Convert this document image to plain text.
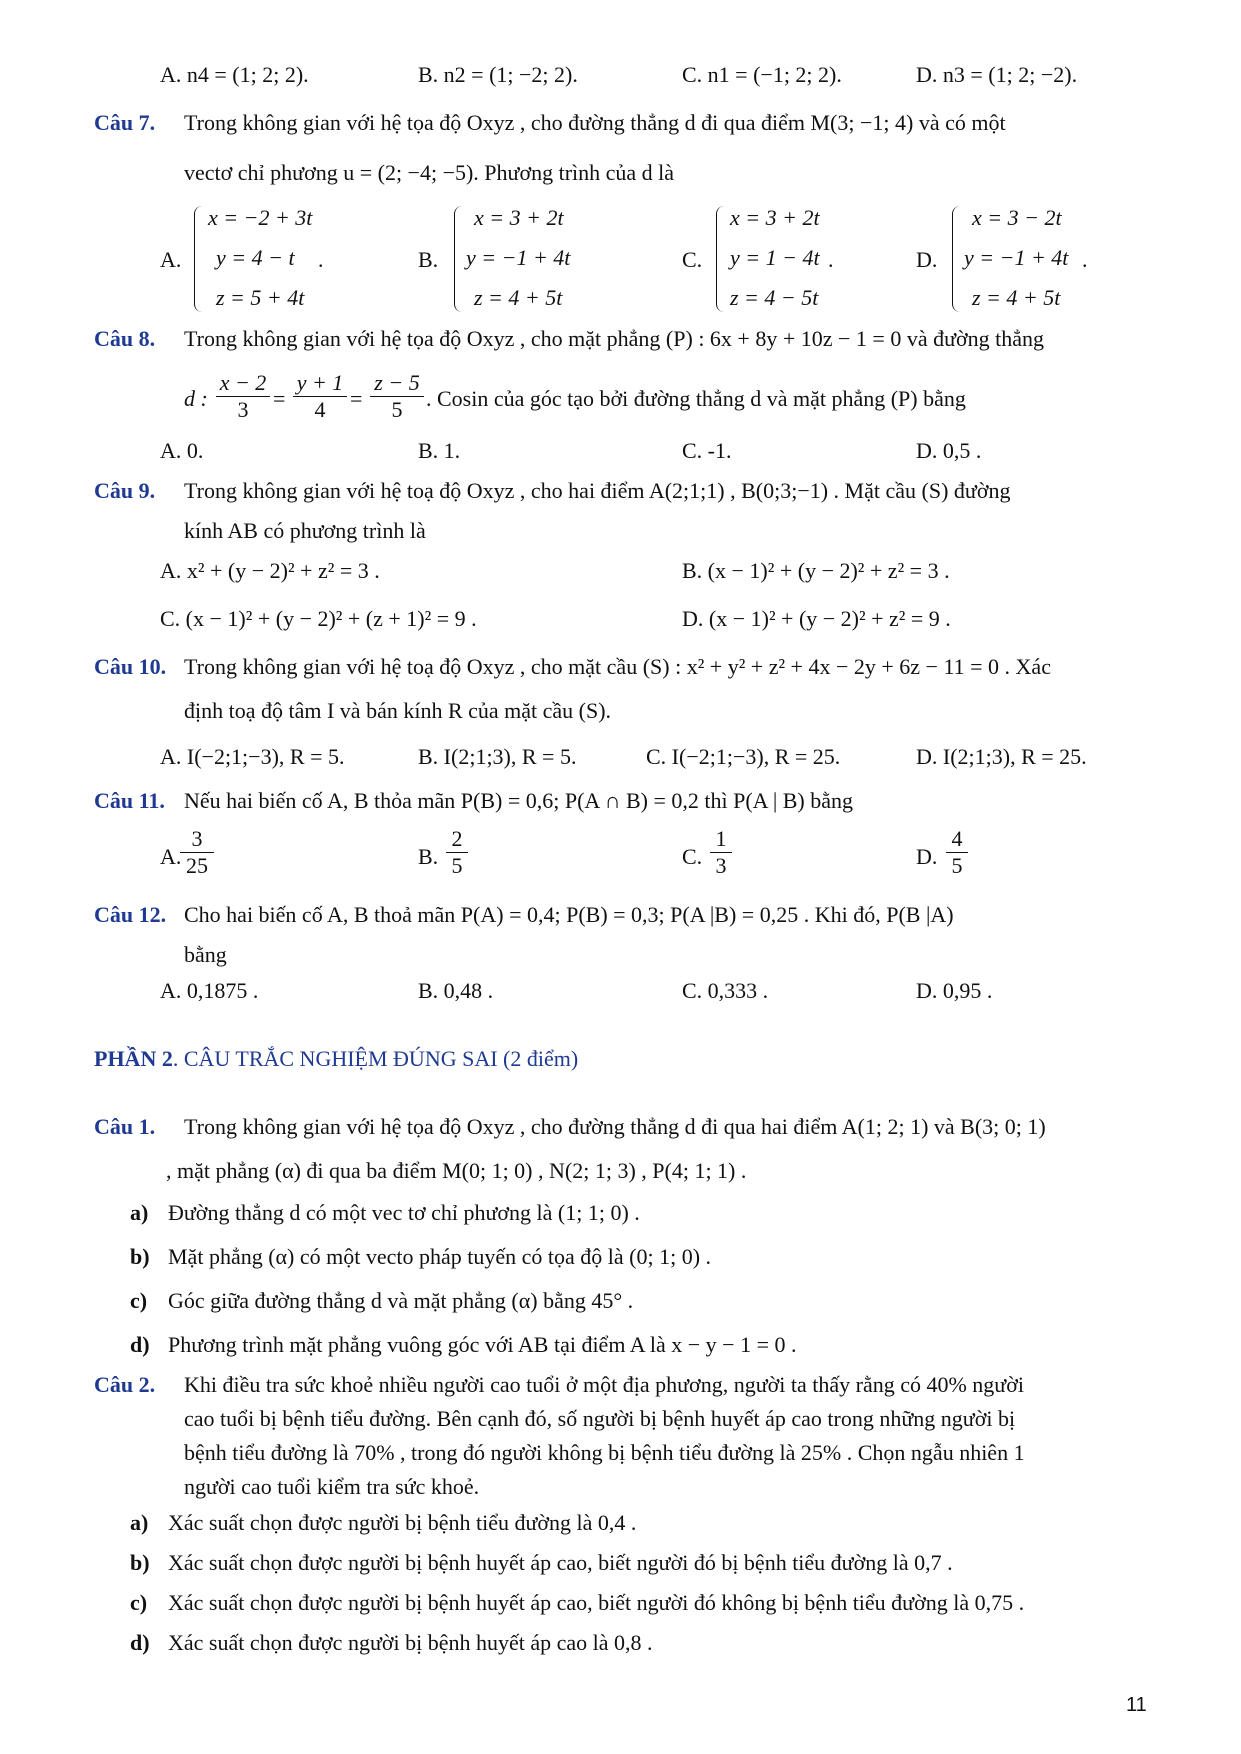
A. n4 = (1; 2; 2).	B. n2 = (1; −2; 2).	C. n1 = (−1; 2; 2).	D. n3 = (1; 2; −2).
Câu 7. Trong không gian với hệ tọa độ Oxyz , cho đường thẳng d đi qua điểm M(3; −1; 4) và có một
vectơ chỉ phương u = (2; −4; −5). Phương trình của d là
A.
x = −2 + 3t
y = 4 − t
z = 5 + 4t
.	B.
x = 3 + 2t
y = −1 + 4t
z = 4 + 5t
C.
x = 3 + 2t
y = 1 − 4t
z = 4 − 5t
.	D.
x = 3 − 2t
y = −1 + 4t
z = 4 + 5t
.
Câu 8. Trong không gian với hệ tọa độ Oxyz , cho mặt phẳng (P) : 6x + 8y + 10z − 1 = 0 và đường thẳng
d : $\frac{x - 2}{3} = \frac{y + 1}{4} = \frac{z - 5}{5}$ . Cosin của góc tạo bởi đường thẳng d và mặt phẳng (P) bằng
A. 0.	B. 1.	C. -1.	D. 0,5 .
Câu 9. Trong không gian với hệ toạ độ Oxyz , cho hai điểm A(2;1;1) , B(0;3;−1) . Mặt cầu (S) đường
kính AB có phương trình là
A. x² + (y − 2)² + z² = 3 .	B. (x − 1)² + (y − 2)² + z² = 3 .
C. (x − 1)² + (y − 2)² + (z + 1)² = 9 .	D. (x − 1)² + (y − 2)² + z² = 9 .
Câu 10. Trong không gian với hệ toạ độ Oxyz , cho mặt cầu (S) : x² + y² + z² + 4x − 2y + 6z − 11 = 0 . Xác
định toạ độ tâm I và bán kính R của mặt cầu (S).
A. I(−2;1;−3), R = 5.	B. I(2;1;3), R = 5.	C. I(−2;1;−3), R = 25.	D. I(2;1;3), R = 25.
Câu 11. Nếu hai biến cố A, B thỏa mãn P(B) = 0,6; P(A ∩ B) = 0,2 thì P(A | B) bằng
A.
$\frac{3}{25}$	B. $\frac{2}{5}$	C. $\frac{1}{3}$	D. $\frac{4}{5}$
Câu 12. Cho hai biến cố A, B thoả mãn P(A) = 0,4; P(B) = 0,3; P(A |B) = 0,25 . Khi đó, P(B |A)
bằng
A. 0,1875 .	B. 0,48 .	C. 0,333 .	D. 0,95 .
PHẦN 2. CÂU TRẮC NGHIỆM ĐÚNG SAI (2 điểm)
Câu 1. Trong không gian với hệ tọa độ Oxyz , cho đường thẳng d đi qua hai điểm A(1; 2; 1) và B(3; 0; 1)
, mặt phẳng (α) đi qua ba điểm M(0; 1; 0) , N(2; 1; 3) , P(4; 1; 1) .
a) Đường thẳng d có một vec tơ chỉ phương là (1; 1; 0) .
b) Mặt phẳng (α) có một vecto pháp tuyến có tọa độ là (0; 1; 0) .
c) Góc giữa đường thẳng d và mặt phẳng (α) bằng 45° .
d) Phương trình mặt phẳng vuông góc với AB tại điểm A là x − y − 1 = 0 .
Câu 2. Khi điều tra sức khoẻ nhiều người cao tuổi ở một địa phương, người ta thấy rằng có 40% người
cao tuổi bị bệnh tiểu đường. Bên cạnh đó, số người bị bệnh huyết áp cao trong những người bị
bệnh tiểu đường là 70% , trong đó người không bị bệnh tiểu đường là 25% . Chọn ngẫu nhiên 1
người cao tuổi kiểm tra sức khoẻ.
a) Xác suất chọn được người bị bệnh tiểu đường là 0,4 .
b) Xác suất chọn được người bị bệnh huyết áp cao, biết người đó bị bệnh tiểu đường là 0,7 .
c) Xác suất chọn được người bị bệnh huyết áp cao, biết người đó không bị bệnh tiểu đường là 0,75 .
d) Xác suất chọn được người bị bệnh huyết áp cao là 0,8 .
11
